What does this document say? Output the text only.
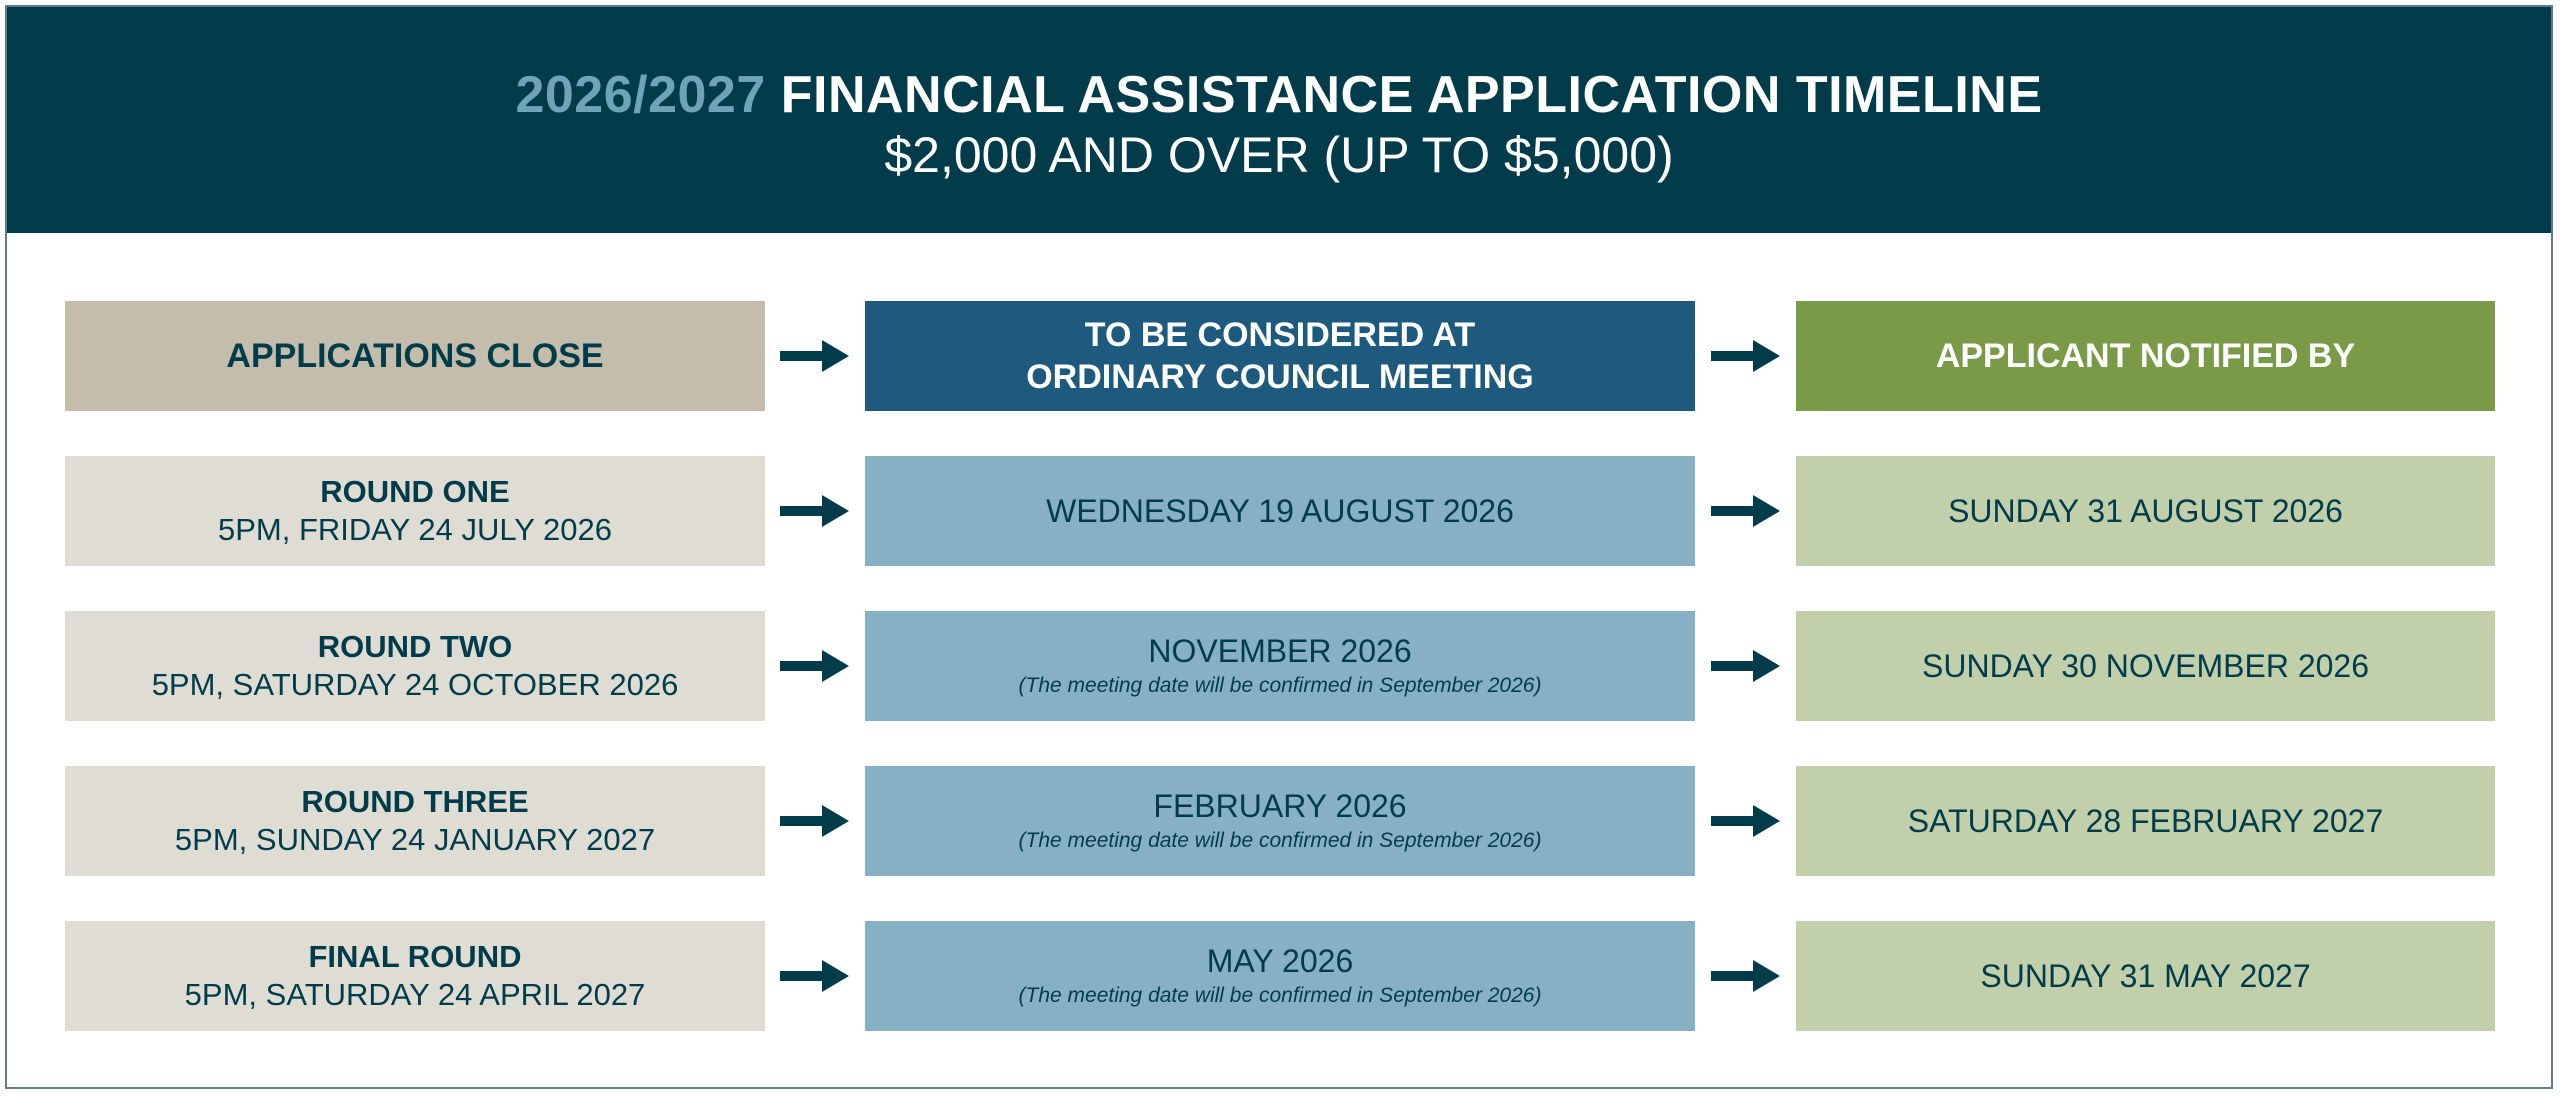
2026/2027 FINANCIAL ASSISTANCE APPLICATION TIMELINE
$2,000 AND OVER (UP TO $5,000)
APPLICATIONS CLOSE
TO BE CONSIDERED AT
ORDINARY COUNCIL MEETING
APPLICANT NOTIFIED BY
ROUND ONE
5PM, FRIDAY 24 JULY 2026
WEDNESDAY 19 AUGUST 2026	SUNDAY 31 AUGUST 2026
ROUND TWO
5PM, SATURDAY 24 OCTOBER 2026
NOVEMBER 2026
(The meeting date will be confirmed in September 2026)
SUNDAY 30 NOVEMBER 2026
ROUND THREE
5PM, SUNDAY 24 JANUARY 2027
FEBRUARY 2026
(The meeting date will be confirmed in September 2026)
SATURDAY 28 FEBRUARY 2027
FINAL ROUND
5PM, SATURDAY 24 APRIL 2027
MAY 2026
(The meeting date will be confirmed in September 2026)
SUNDAY 31 MAY 2027
